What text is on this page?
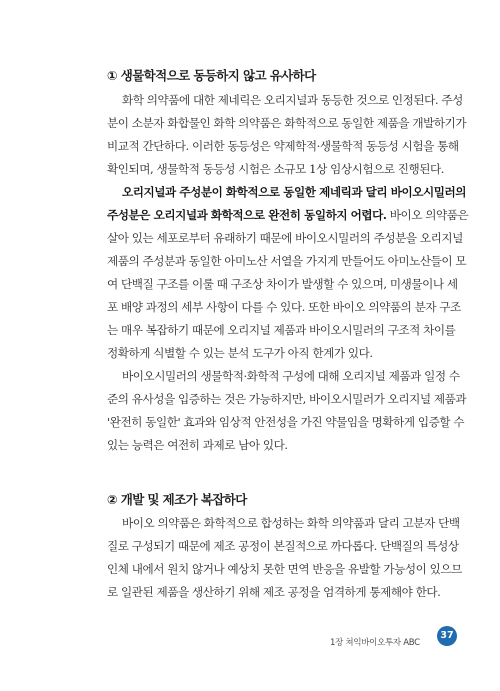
① 생물학적으로 동등하지 않고 유사하다
화학 의약품에 대한 제네릭은 오리지널과 동등한 것으로 인정된다. 주성
분이 소분자 화합물인 화학 의약품은 화학적으로 동일한 제품을 개발하기가
비교적 간단하다. 이러한 동등성은 약제학적·생물학적 동등성 시험을 통해
확인되며, 생물학적 동등성 시험은 소규모 1상 임상시험으로 진행된다.
오리지널과 주성분이 화학적으로 동일한 제네릭과 달리 바이오시밀러의
주성분은 오리지널과 화학적으로 완전히 동일하지 어렵다. 바이오 의약품은
살아 있는 세포로부터 유래하기 때문에 바이오시밀러의 주성분을 오리지널
제품의 주성분과 동일한 아미노산 서열을 가지게 만들어도 아미노산들이 모
여 단백질 구조를 이룰 때 구조상 차이가 발생할 수 있으며, 미생물이나 세
포 배양 과정의 세부 사항이 다를 수 있다. 또한 바이오 의약품의 분자 구조
는 매우 복잡하기 때문에 오리지널 제품과 바이오시밀러의 구조적 차이를
정확하게 식별할 수 있는 분석 도구가 아직 한계가 있다.
바이오시밀러의 생물학적·화학적 구성에 대해 오리지널 제품과 일정 수
준의 유사성을 입증하는 것은 가능하지만, 바이오시밀러가 오리지널 제품과
'완전히 동일한' 효과와 임상적 안전성을 가진 약물임을 명확하게 입증할 수
있는 능력은 여전히 과제로 남아 있다.
② 개발 및 제조가 복잡하다
바이오 의약품은 화학적으로 합성하는 화학 의약품과 달리 고분자 단백
질로 구성되기 때문에 제조 공정이 본질적으로 까다롭다. 단백질의 특성상
인체 내에서 원치 않거나 예상치 못한 면역 반응을 유발할 가능성이 있으므
로 일관된 제품을 생산하기 위해 제조 공정을 엄격하게 통제해야 한다.
1장 쳐익바이오투자 ABC
37
